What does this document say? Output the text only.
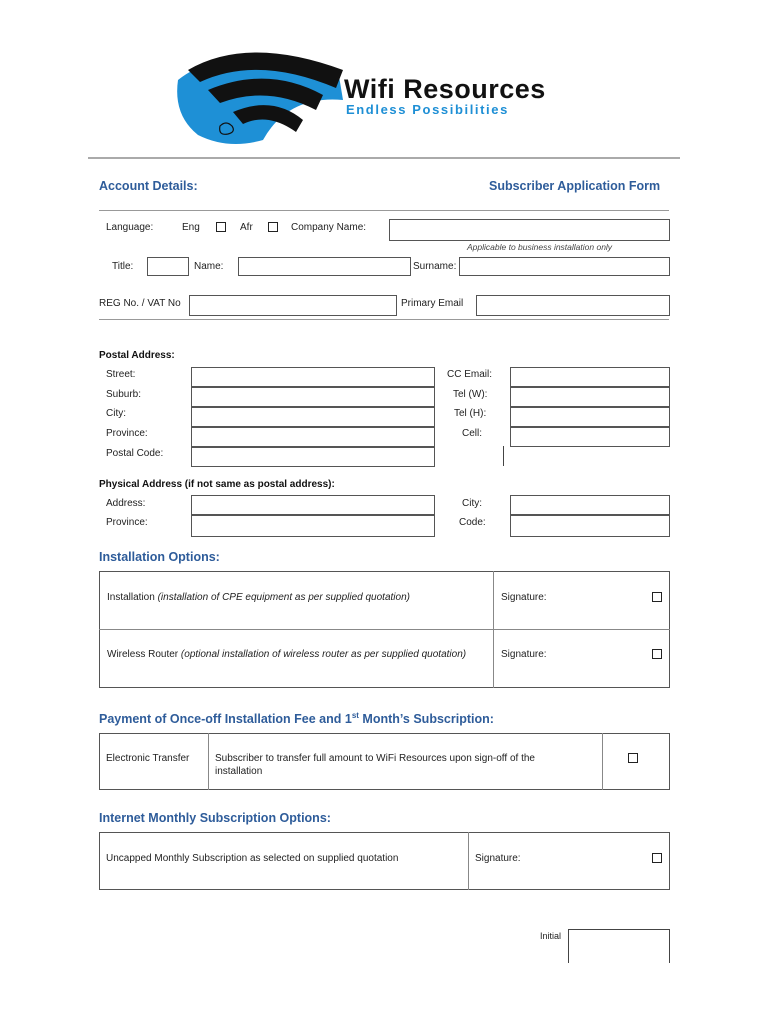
Wifi Resources
Endless Possibilities
Account Details:	Subscriber Application Form
Language:	Eng	Afr	Company Name:
Applicable to business installation only
Title:	Name:	Surname:
REG No. / VAT No	Primary Email
Postal Address:
Street:
Suburb:
City:
Province:
Postal Code:
CC Email:
Tel (W):
Tel (H):
Cell:
Physical Address (if not same as postal address):
Address:
Province:
City:
Code:
Installation Options:
Installation (installation of CPE equipment as per supplied quotation)	Signature:
Wireless Router (optional installation of wireless router as per supplied quotation)	Signature:
Payment of Once-off Installation Fee and 1st Month’s Subscription:
Electronic Transfer	Subscriber to transfer full amount to WiFi Resources upon sign-off of the
installation
Internet Monthly Subscription Options:
Uncapped Monthly Subscription as selected on supplied quotation	Signature:
Initial
